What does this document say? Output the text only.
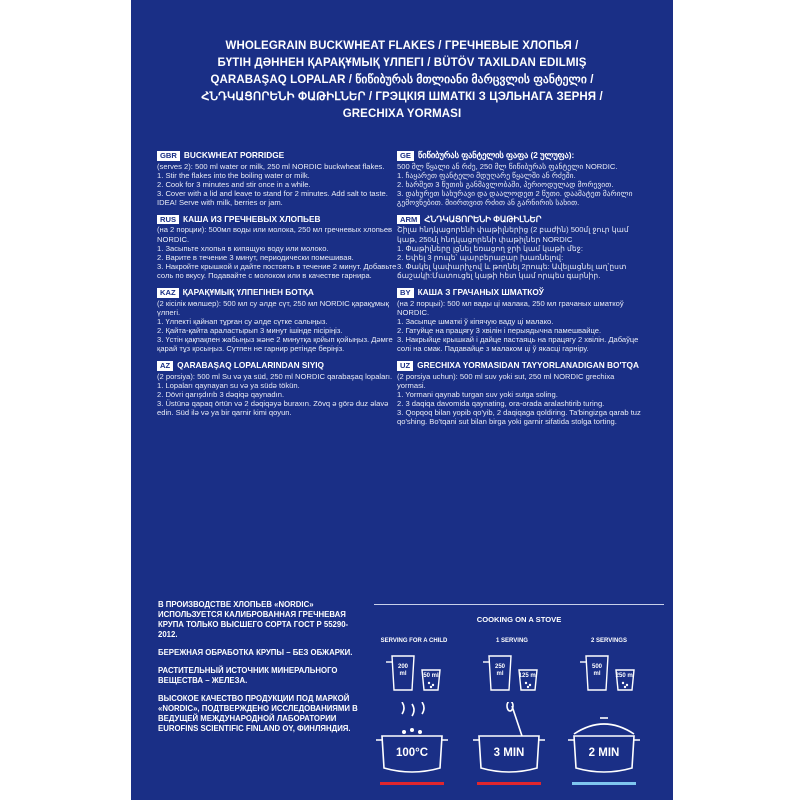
WHOLEGRAIN BUCKWHEAT FLAKES / ГРЕЧНЕВЫЕ ХЛОПЬЯ /
БҮТІН ДӘННЕН ҚАРАҚҰМЫҚ ҮЛПЕГІ / BÜTÖV TAXILDAN EDILMIŞ
QARABAŞAQ LOPALAR / წიწიბურას მთლიანი მარცვლის ფანტელი /
ՀՆԴԿԱՑՈՐԵՆԻ ՓԱԹԻԼՆԵՐ / ГРЭЦКІЯ ШМАТКІ З ЦЭЛЬНАГА ЗЕРНЯ /
GRECHIXA YORMASI
GBR BUCKWHEAT PORRIDGE
(serves 2): 500 ml water or milk, 250 ml NORDIC buckwheat flakes.
1. Stir the flakes into the boiling water or milk.
2. Cook for 3 minutes and stir once in a while.
3. Cover with a lid and leave to stand for 2 minutes. Add salt to taste. IDEA! Serve with milk, berries or jam.
RUS КАША ИЗ ГРЕЧНЕВЫХ ХЛОПЬЕВ
(на 2 порции): 500мл воды или молока, 250 мл гречневых хлопьев NORDIC.
1. Засыпьте хлопья в кипящую воду или молоко.
2. Варите в течение 3 минут, периодически помешивая.
3. Накройте крышкой и дайте постоять в течение 2 минут. Добавьте соль по вкусу. Подавайте с молоком или в качестве гарнира.
KAZ ҚАРАҚҰМЫҚ ҮЛПЕГІНЕН БОТҚА
(2 кісілік мөлшер): 500 мл су әлде сүт, 250 мл NORDIC қарақұмық үлпегі.
1. Үлпекті қайнап тұрған су әлде сүтке салыңыз.
2. Қайта-қайта араластырып 3 минут ішінде пісіріңіз.
3. Үстін қақпақпен жабыңыз және 2 минутқа қойып қойыңыз. Дәмге қарай тұз қосыңыз. Сүтпен не гарнир ретінде беріңіз.
AZ QARABAŞAQ LOPALARINDAN SIYIQ
(2 porsiya): 500 ml Su və ya süd, 250 ml NORDIC qarabaşaq lopaları.
1. Lopaları qaynayan su və ya südə tökün.
2. Dövri qarışdırıb 3 dəqiqə qaynadın.
3. Üstünə qapaq örtün və 2 dəqiqəyə buraxın. Zövq ə görə duz əlavə edin. Süd ilə və ya bir qarnir kimi qoyun.
GE წიწიბურას ფანტელის ფაფა (2 ულუფა):
500 მლ წყალი ან რძე, 250 მლ წიწიბურას ფანტელი NORDIC.
1. ჩაყარეთ ფანტელი მდუღარე წყალში ან რძეში.
2. ხარშეთ 3 წუთის განმავლობაში, პერიოდულად მორევით.
3. დახურეთ სახურავი და დაალოდეთ 2 წუთი. დაამატეთ მარილი გემოვნებით. მიირთვით რძით ან გარნირის სახით.
ARM ՀՆԴԿԱՑՈՐԵՆԻ ՓԱԹԻԼՆԵՐ
Շիլա հնդկացորենի փաթիլներից (2 բաժին) 500մլ ջուր կամ կաթ, 250մլ հնդկացորենի փաթիլներ NORDIC
1. Փաթիլները լցնել եռացող ջրի կամ կաթի մեջ:
2. Եփել 3 րոպե՝ պարբերաբար խառնելով:
3. Փակել կափարիչով և թողնել 2րոպե: Ավելացնել աղ՝ըստ ճաշակի:Մատուցել կաթի հետ կամ որպես գարնիր.
BY КАША З ГРАЧАНЫХ ШМАТКОЎ
(на 2 порцыі): 500 мл вады ці малака, 250 мл грачаных шматкоў NORDIC.
1. Засыпце шматкі ў кіпячую ваду ці малако.
2. Гатуйце на працягу 3 хвілін і перыядычна памешвайце.
3. Накрыйце крышкай і дайце пастаяць на працягу 2 хвілін. Дабаўце солі на смак. Падавайце з малаком ці ў якасці гарніру.
UZ GRECHIXA YORMASIDAN TAYYORLANADIGAN BO'TQA
(2 porsiya uchun): 500 ml suv yoki sut, 250 ml NORDIC grechixa yormasi.
1. Yormani qaynab turgan suv yoki sutga soling.
2. 3 daqiqa davomida qaynating, ora-orada aralashtirib turing.
3. Qopqoq bilan yopib qo'yib, 2 daqiqaga qoldiring. Ta'bingizga qarab tuz qo'shing. Bo'tqani sut bilan birga yoki garnir sifatida stolga torting.
В ПРОИЗВОДСТВЕ ХЛОПЬЕВ «NORDIC» ИСПОЛЬЗУЕТСЯ КАЛИБРОВАННАЯ ГРЕЧНЕВАЯ КРУПА ТОЛЬКО ВЫСШЕГО СОРТА ГОСТ Р 55290-2012.
БЕРЕЖНАЯ ОБРАБОТКА КРУПЫ – БЕЗ ОБЖАРКИ.
РАСТИТЕЛЬНЫЙ ИСТОЧНИК МИНЕРАЛЬНОГО ВЕЩЕСТВА – ЖЕЛЕЗА.
ВЫСОКОЕ КАЧЕСТВО ПРОДУКЦИИ ПОД МАРКОЙ «NORDIC», ПОДТВЕРЖДЕНО ИССЛЕДОВАНИЯМИ В ВЕДУЩЕЙ МЕЖДУНАРОДНОЙ ЛАБОРАТОРИИ EUROFINS SCIENTIFIC FINLAND OY, ФИНЛЯНДИЯ.
COOKING ON A STOVE
SERVING FOR A CHILD	1 SERVING	2 SERVINGS
200
ml	50 ml
250
ml	125 ml
500
ml	250 ml
100°C	3 MIN	2 MIN
